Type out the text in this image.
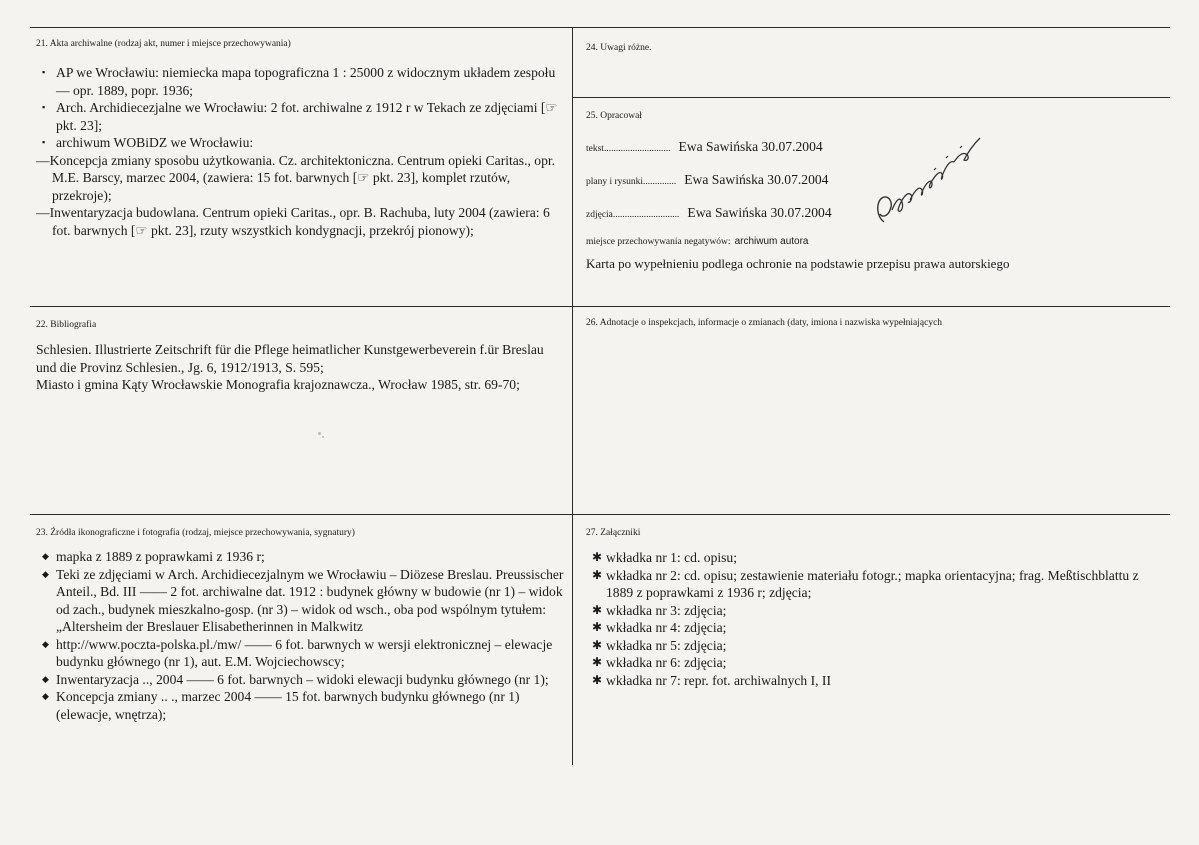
21. Akta archiwalne (rodzaj akt, numer i miejsce przechowywania)
▪ AP we Wrocławiu: niemiecka mapa topograficzna 1 : 25000 z widocznym układem zespołu — opr. 1889, popr. 1936;
▪ Arch. Archidiecezjalne we Wrocławiu: 2 fot. archiwalne z 1912 r w Tekach ze zdjęciami [☞ pkt. 23];
▪ archiwum WOBiDZ we Wrocławiu:
—Koncepcja zmiany sposobu użytkowania. Cz. architektoniczna. Centrum opieki Caritas., opr. M.E. Barscy, marzec 2004, (zawiera: 15 fot. barwnych [☞ pkt. 23], komplet rzutów, przekroje);
—Inwentaryzacja budowlana. Centrum opieki Caritas., opr. B. Rachuba, luty 2004 (zawiera: 6 fot. barwnych [☞ pkt. 23], rzuty wszystkich kondygnacji, przekrój pionowy);
24. Uwagi różne.
25. Opracował
tekst ............................ Ewa Sawińska 30.07.2004
plany i rysunki .............. Ewa Sawińska 30.07.2004
zdjęcia ............................ Ewa Sawińska 30.07.2004
miejsce przechowywania negatywów: archiwum autora
Karta po wypełnieniu podlega ochronie na podstawie przepisu prawa autorskiego
22. Bibliografia

Schlesien. Illustrierte Zeitschrift für die Pflege heimatlicher Kunstgewerbeverein f.ür Breslau und die Provinz Schlesien., Jg. 6, 1912/1913, S. 595;

Miasto i gmina Kąty Wrocławskie Monografia krajoznawcza., Wrocław 1985, str. 69-70;

26. Adnotacje o inspekcjach, informacje o zmianach (daty, imiona i nazwiska wypełniających
23. Źródła ikonograficzne i fotografia (rodzaj, miejsce przechowywania, sygnatury)
◆ mapka z 1889 z poprawkami z 1936 r;
◆ Teki ze zdjęciami w Arch. Archidiecezjalnym we Wrocławiu – Diözese Breslau. Preussischer Anteil., Bd. III —— 2 fot. archiwalne dat. 1912 : budynek główny w budowie (nr 1) – widok od zach., budynek mieszkalno-gosp. (nr 3) – widok od wsch., oba pod wspólnym tytułem: „Altersheim der Breslauer Elisabetherinnen in Malkwitz
◆ http://www.poczta-polska.pl./mw/ —— 6 fot. barwnych w wersji elektronicznej – elewacje budynku głównego (nr 1), aut. E.M. Wojciechowscy;
◆ Inwentaryzacja .., 2004 —— 6 fot. barwnych – widoki elewacji budynku głównego (nr 1);
◆ Koncepcja zmiany .. ., marzec 2004 —— 15 fot. barwnych budynku głównego (nr 1) (elewacje, wnętrza);
27. Załączniki
✱ wkładka nr 1: cd. opisu;
✱ wkładka nr 2: cd. opisu; zestawienie materiału fotogr.; mapka orientacyjna; frag. Meßtischblattu z 1889 z poprawkami z 1936 r; zdjęcia;
✱ wkładka nr 3: zdjęcia;
✱ wkładka nr 4: zdjęcia;
✱ wkładka nr 5: zdjęcia;
✱ wkładka nr 6: zdjęcia;
✱ wkładka nr 7: repr. fot. archiwalnych I, II
